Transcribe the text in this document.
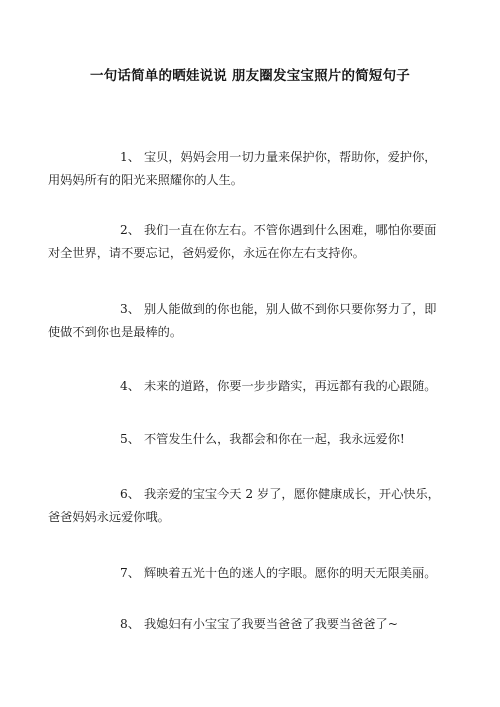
一句话简单的晒娃说说 朋友圈发宝宝照片的简短句子
1、 宝贝，妈妈会用一切力量来保护你，帮助你，爱护你，
用妈妈所有的阳光来照耀你的人生。
2、 我们一直在你左右。不管你遇到什么困难，哪怕你要面
对全世界，请不要忘记，爸妈爱你，永远在你左右支持你。
3、 别人能做到的你也能，别人做不到你只要你努力了，即
使做不到你也是最棒的。
4、 未来的道路，你要一步步踏实，再远都有我的心跟随。
5、 不管发生什么，我都会和你在一起，我永远爱你!
6、 我亲爱的宝宝今天 2 岁了，愿你健康成长，开心快乐，
爸爸妈妈永远爱你哦。
7、 辉映着五光十色的迷人的字眼。愿你的明天无限美丽。
8、 我媳妇有小宝宝了我要当爸爸了我要当爸爸了~
